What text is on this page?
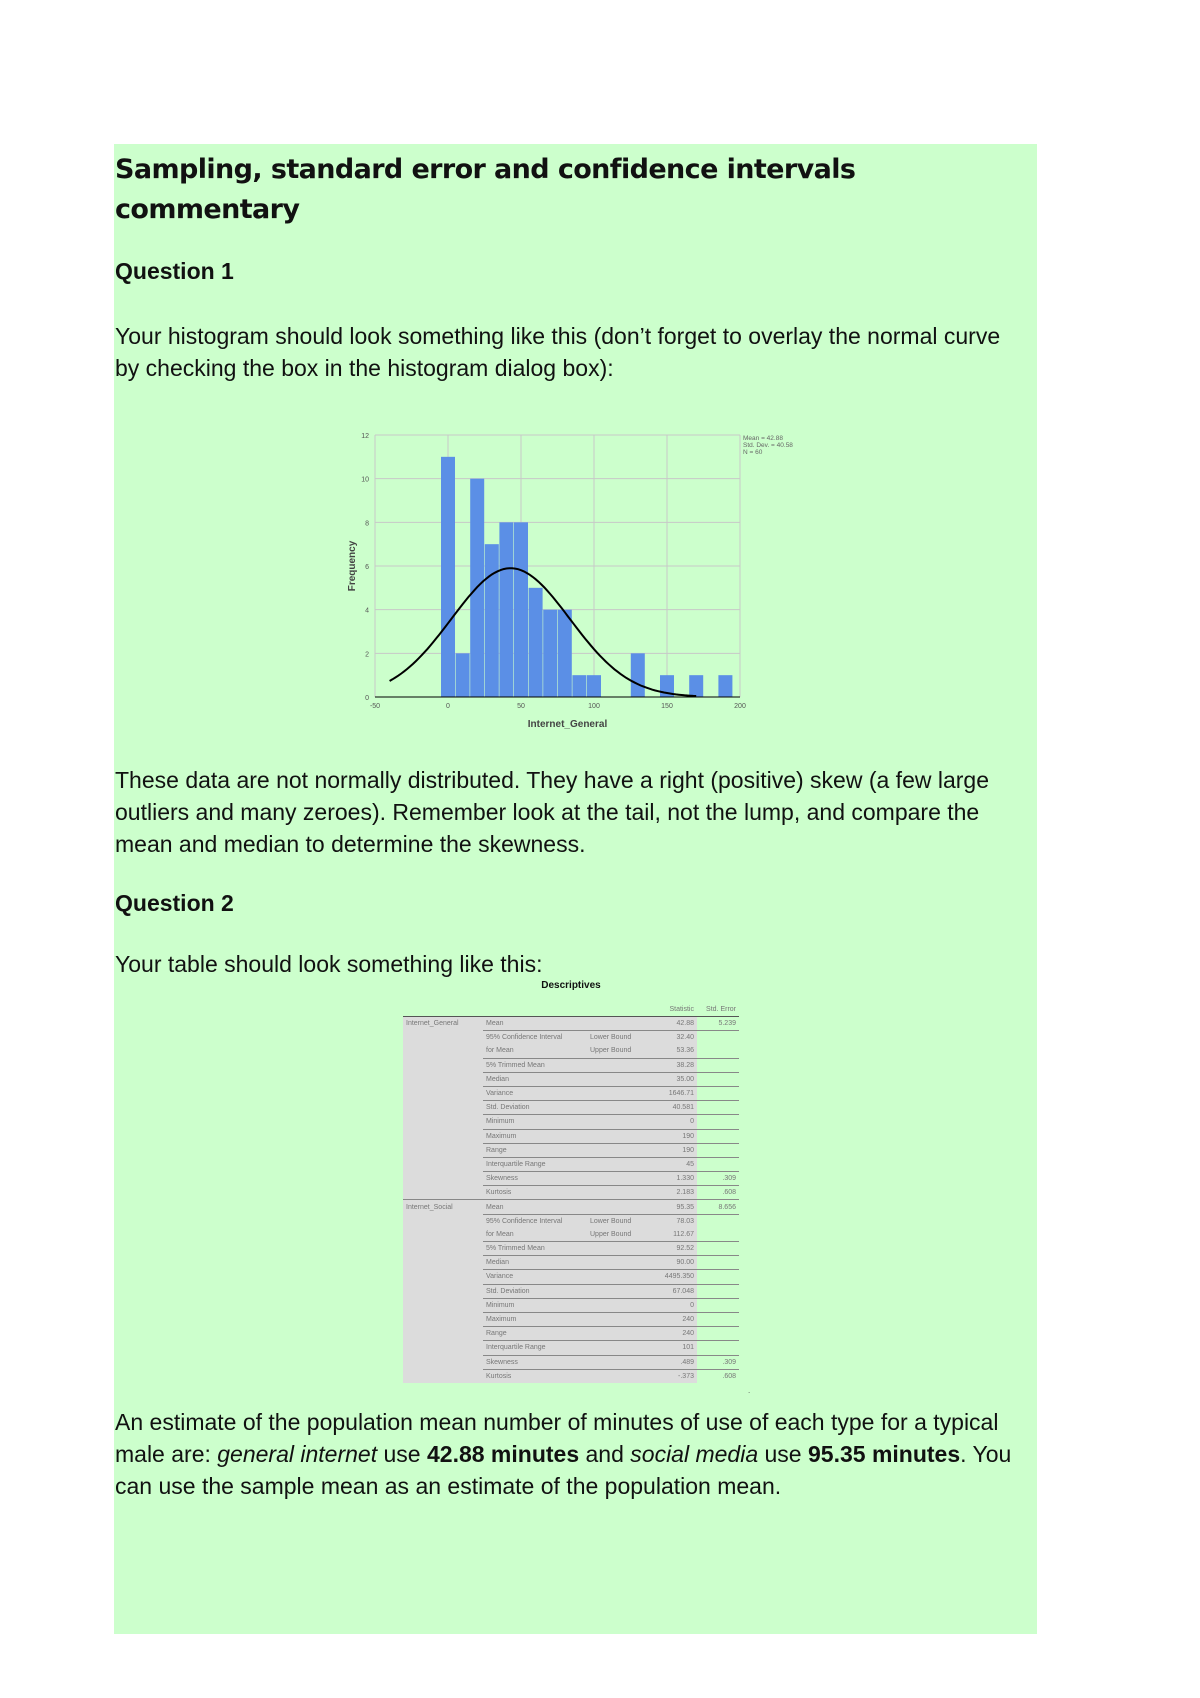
Sampling, standard error and confidence intervals commentary
Question 1

Your histogram should look something like this (don’t forget to overlay the normal curve by checking the box in the histogram dialog box):

0
2
4
6
8
10
12
-50	0	50	100	150	200
Internet_General
Frequency
Mean = 42.88
Std. Dev. = 40.58
N = 60

These data are not normally distributed. They have a right (positive) skew (a few large outliers and many zeroes). Remember look at the tail, not the lump, and compare the mean and median to determine the skewness.

Question 2

Your table should look something like this:

Descriptives
			Statistic	Std. Error
Internet_General	Mean		42.88	5.239
	95% Confidence Interval	Lower Bound	32.40	
	for Mean	Upper Bound	53.36	
	5% Trimmed Mean		38.28	
	Median		35.00	
	Variance		1646.71	
	Std. Deviation		40.581	
	Minimum		0	
	Maximum		190	
	Range		190	
	Interquartile Range		45	
	Skewness		1.330	.309
	Kurtosis		2.183	.608
Internet_Social	Mean		95.35	8.656
	95% Confidence Interval	Lower Bound	78.03	
	for Mean	Upper Bound	112.67	
	5% Trimmed Mean		92.52	
	Median		90.00	
	Variance		4495.350	
	Std. Deviation		67.048	
	Minimum		0	
	Maximum		240	
	Range		240	
	Interquartile Range		101	
	Skewness		.489	.309
	Kurtosis		-.373	.608
.

An estimate of the population mean number of minutes of use of each type for a typical male are: general internet use 42.88 minutes and social media use 95.35 minutes. You can use the sample mean as an estimate of the population mean.
